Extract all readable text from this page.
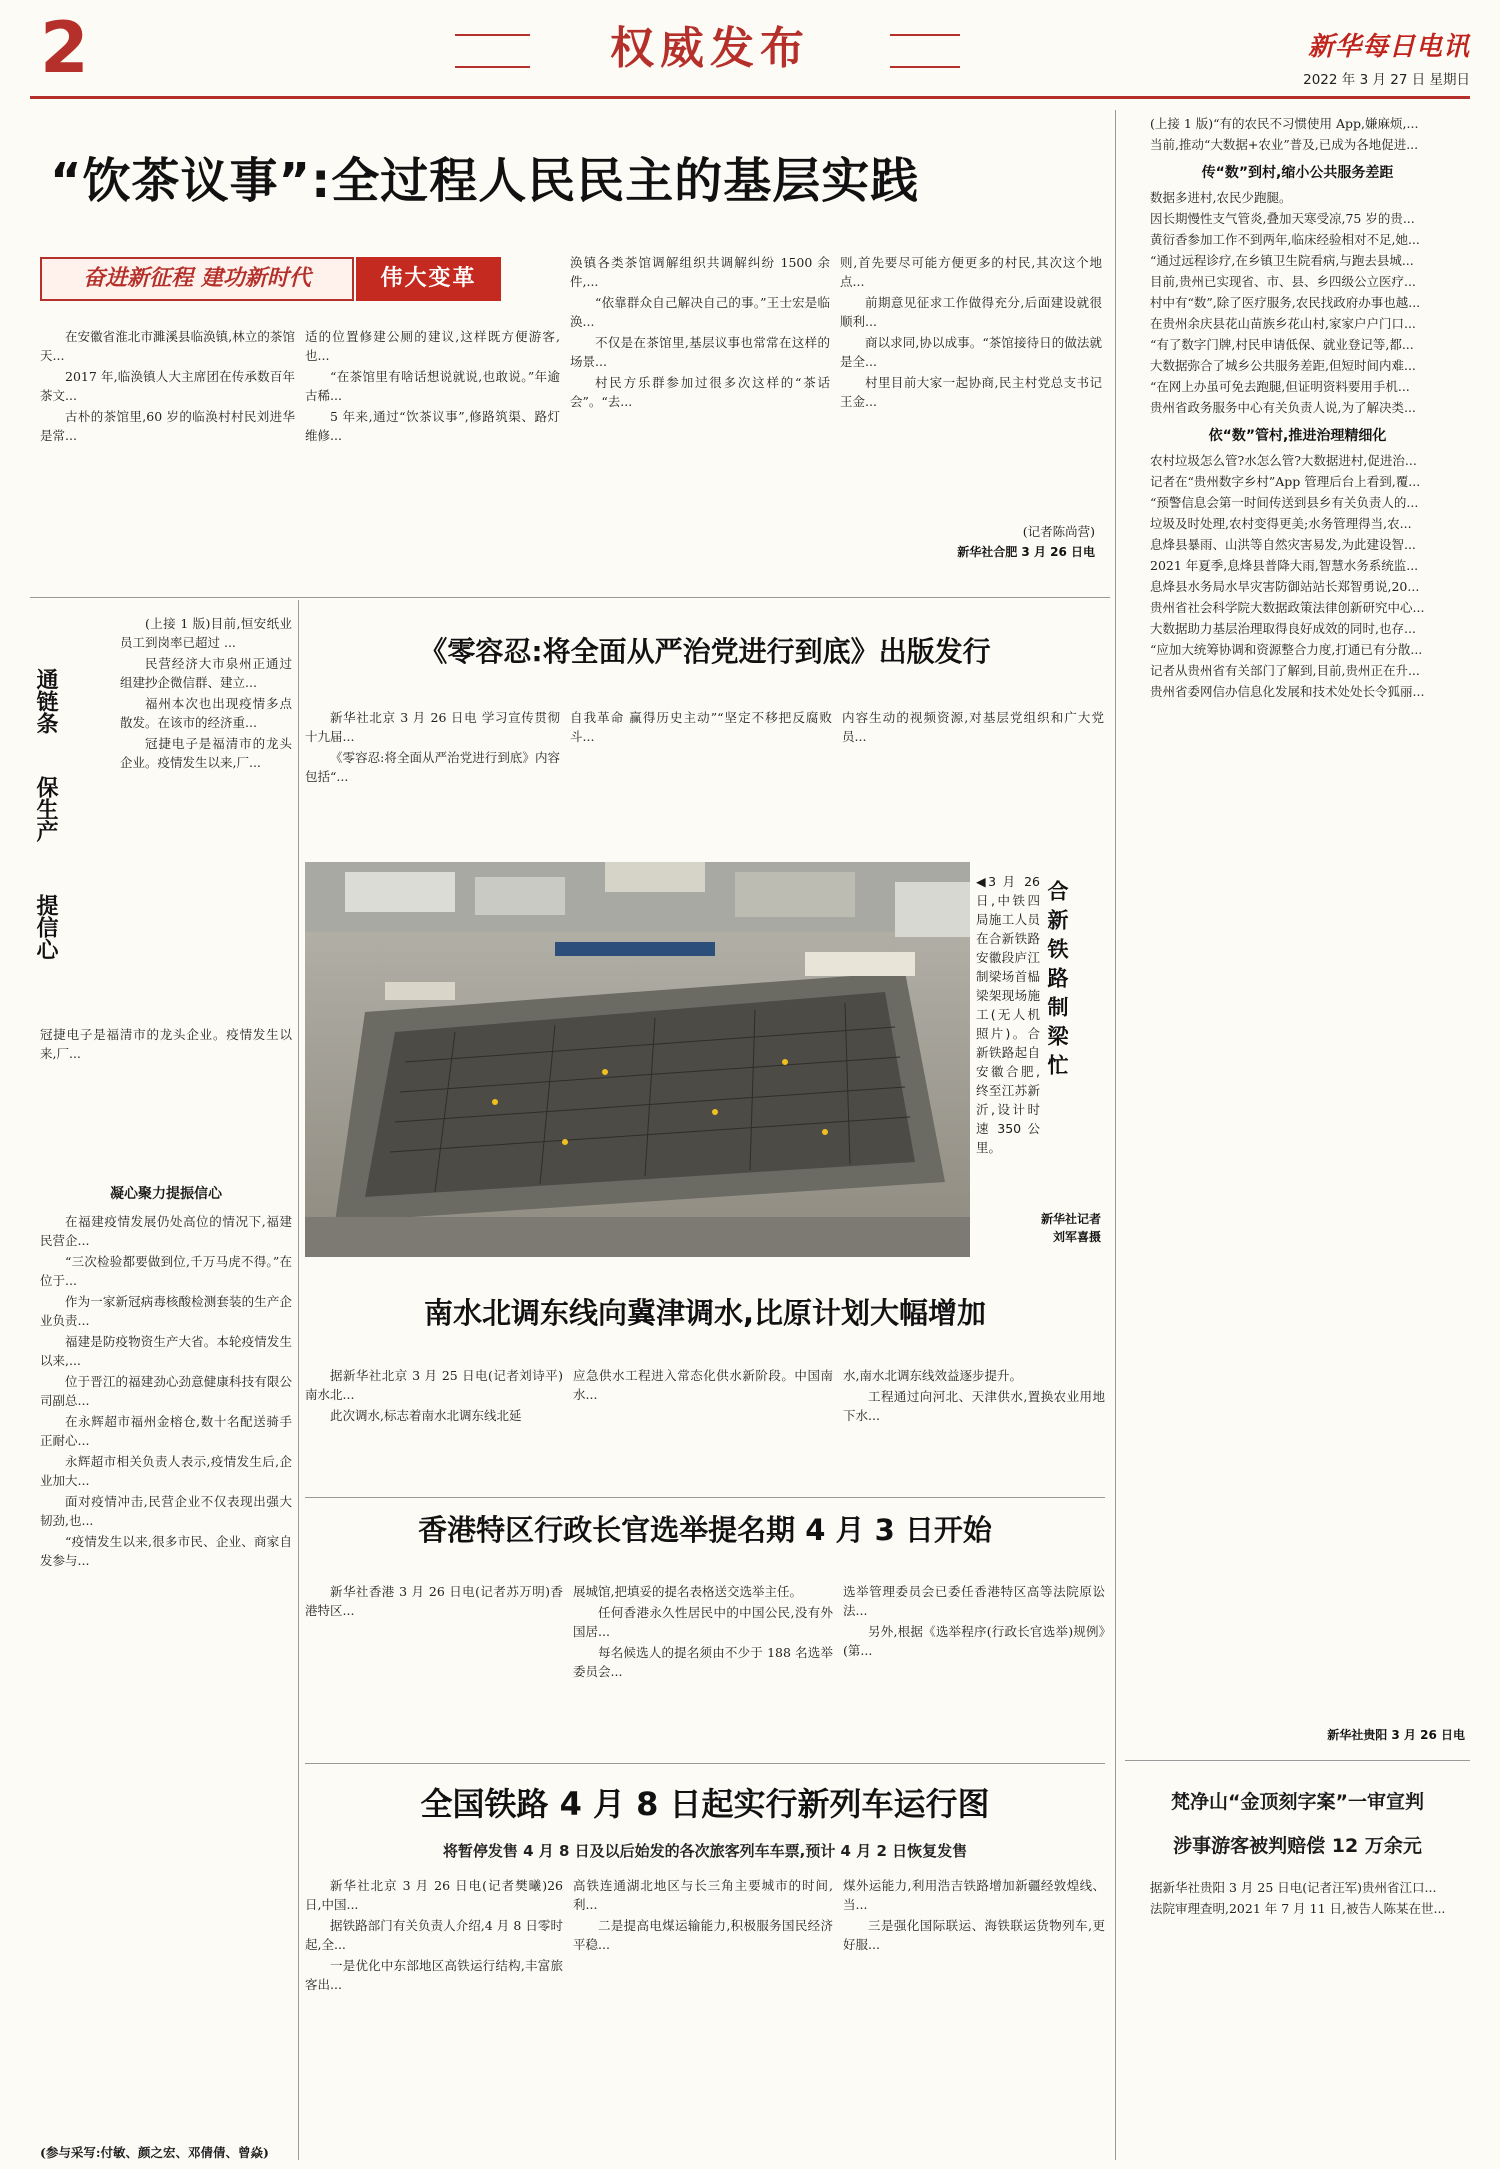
2	权威发布	新华每日电讯
2022 年 3 月 27 日 星期日
“饮茶议事”:全过程人民民主的基层实践
奋进新征程 建功新时代	伟大变革

在安徽省淮北市濉溪县临涣镇,林立的茶馆天...

2017 年,临涣镇人大主席团在传承数百年茶文...

古朴的茶馆里,60 岁的临涣村村民刘进华是常...

适的位置修建公厕的建议,这样既方便游客,也...

“在茶馆里有啥话想说就说,也敢说。”年逾古稀...

5 年来,通过“饮茶议事”,修路筑渠、路灯维修...

涣镇各类茶馆调解组织共调解纠纷 1500 余件,...

“依靠群众自己解决自己的事。”王士宏是临涣...

不仅是在茶馆里,基层议事也常常在这样的场景...

村民方乐群参加过很多次这样的“茶话会”。“去...

则,首先要尽可能方便更多的村民,其次这个地点...

前期意见征求工作做得充分,后面建设就很顺利...

商以求同,协以成事。“茶馆接待日的做法就是全...

村里目前大家一起协商,民主村党总支书记王金...

(记者陈尚营)
新华社合肥 3 月 26 日电
通链条
保生产
提信心

(上接 1 版)目前,恒安纸业员工到岗率已超过 ...

民营经济大市泉州正通过组建抄企微信群、建立...

福州本次也出现疫情多点散发。在该市的经济重...

冠捷电子是福清市的龙头企业。疫情发生以来,厂...

冠捷电子是福清市的龙头企业。疫情发生以来,厂...

凝心聚力提振信心

在福建疫情发展仍处高位的情况下,福建民营企...

“三次检验都要做到位,千万马虎不得。”在位于...

作为一家新冠病毒核酸检测套装的生产企业负责...

福建是防疫物资生产大省。本轮疫情发生以来,...

位于晋江的福建劲心劲意健康科技有限公司副总...

在永辉超市福州金榕仓,数十名配送骑手正耐心...

永辉超市相关负责人表示,疫情发生后,企业加大...

面对疫情冲击,民营企业不仅表现出强大韧劲,也...

“疫情发生以来,很多市民、企业、商家自发参与...

(参与采写:付敏、颜之宏、邓倩倩、曾焱)
《零容忍:将全面从严治党进行到底》出版发行

新华社北京 3 月 26 日电 学习宣传贯彻十九届...

《零容忍:将全面从严治党进行到底》内容包括“...

自我革命 赢得历史主动”“坚定不移把反腐败斗...

内容生动的视频资源,对基层党组织和广大党员...

◀3 月 26 日,中铁四局施工人员在合新铁路安徽段庐江制梁场首榀梁架现场施工(无人机照片)。合新铁路起自安徽合肥,终至江苏新沂,设计时速 350 公里。
合新铁路制梁忙
新华社记者
刘军喜摄
南水北调东线向冀津调水,比原计划大幅增加

据新华社北京 3 月 25 日电(记者刘诗平)南水北...

此次调水,标志着南水北调东线北延

应急供水工程进入常态化供水新阶段。中国南水...

水,南水北调东线效益逐步提升。

工程通过向河北、天津供水,置换农业用地下水...

香港特区行政长官选举提名期 4 月 3 日开始

新华社香港 3 月 26 日电(记者苏万明)香港特区...

展城馆,把填妥的提名表格送交选举主任。

任何香港永久性居民中的中国公民,没有外国居...

每名候选人的提名须由不少于 188 名选举委员会...

选举管理委员会已委任香港特区高等法院原讼法...

另外,根据《选举程序(行政长官选举)规例》(第...

全国铁路 4 月 8 日起实行新列车运行图
将暂停发售 4 月 8 日及以后始发的各次旅客列车车票,预计 4 月 2 日恢复发售

新华社北京 3 月 26 日电(记者樊曦)26 日,中国...

据铁路部门有关负责人介绍,4 月 8 日零时起,全...

一是优化中东部地区高铁运行结构,丰富旅客出...

高铁连通湖北地区与长三角主要城市的时间,利...

二是提高电煤运输能力,积极服务国民经济平稳...

煤外运能力,利用浩吉铁路增加新疆经敦煌线、当...

三是强化国际联运、海铁联运货物列车,更好服...

(上接 1 版)“有的农民不习惯使用 App,嫌麻烦,...

当前,推动“大数据+农业”普及,已成为各地促进...

传“数”到村,缩小公共服务差距

数据多进村,农民少跑腿。

因长期慢性支气管炎,叠加天寒受凉,75 岁的贵...

黄衍香参加工作不到两年,临床经验相对不足,她...

“通过远程诊疗,在乡镇卫生院看病,与跑去县城...

目前,贵州已实现省、市、县、乡四级公立医疗...

村中有“数”,除了医疗服务,农民找政府办事也越...

在贵州余庆县花山苗族乡花山村,家家户户门口...

“有了数字门牌,村民申请低保、就业登记等,都...

大数据弥合了城乡公共服务差距,但短时间内难...

“在网上办虽可免去跑腿,但证明资料要用手机...

贵州省政务服务中心有关负责人说,为了解决类...

依“数”管村,推进治理精细化

农村垃圾怎么管?水怎么管?大数据进村,促进治...

记者在“贵州数字乡村”App 管理后台上看到,覆...

“预警信息会第一时间传送到县乡有关负责人的...

垃圾及时处理,农村变得更美;水务管理得当,农...

息烽县暴雨、山洪等自然灾害易发,为此建设智...

2021 年夏季,息烽县普降大雨,智慧水务系统监...

息烽县水务局水旱灾害防御站站长郑智勇说,20...

贵州省社会科学院大数据政策法律创新研究中心...

大数据助力基层治理取得良好成效的同时,也存...

“应加大统筹协调和资源整合力度,打通已有分散...

记者从贵州省有关部门了解到,目前,贵州正在升...

贵州省委网信办信息化发展和技术处处长令狐丽...

新华社贵阳 3 月 26 日电
梵净山“金顶刻字案”一审宣判
涉事游客被判赔偿 12 万余元

据新华社贵阳 3 月 25 日电(记者汪军)贵州省江口...

法院审理查明,2021 年 7 月 11 日,被告人陈某在世...
